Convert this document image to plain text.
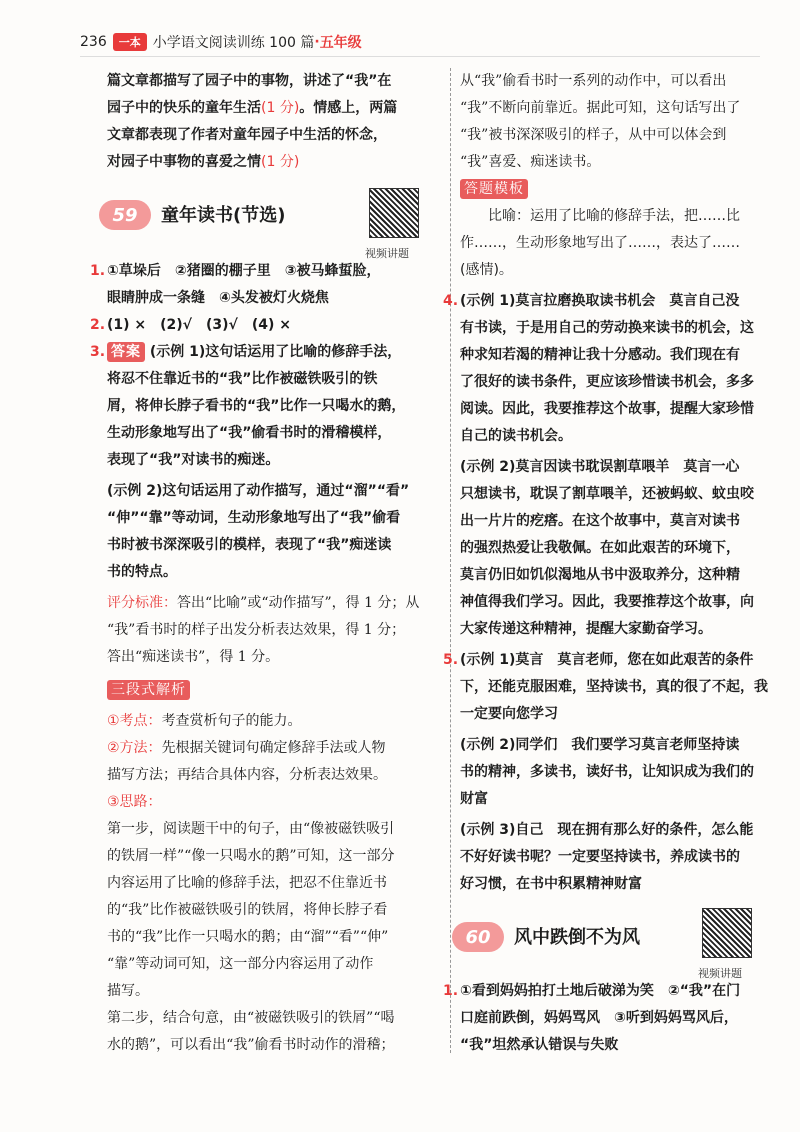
236	一本 小学语文阅读训练 100 篇 · 五年级

篇文章都描写了园子中的事物，讲述了“我”在

园子中的快乐的童年生活(1 分)。情感上，两篇

文章都表现了作者对童年园子中生活的怀念，

对园子中事物的喜爱之情(1 分)

59	童年读书(节选)
视频讲题
1. ①草垛后　②猪圈的棚子里　③被马蜂蜇脸，

眼睛肿成一条缝　④头发被灯火烧焦

2. (1) ×　(2)√　(3)√　(4) ×

3. 答案 (示例 1)这句话运用了比喻的修辞手法，

将忍不住靠近书的“我”比作被磁铁吸引的铁

屑，将伸长脖子看书的“我”比作一只喝水的鹅，

生动形象地写出了“我”偷看书时的滑稽模样，

表现了“我”对读书的痴迷。

(示例 2)这句话运用了动作描写，通过“溜”“看”

“伸”“靠”等动词，生动形象地写出了“我”偷看

书时被书深深吸引的模样，表现了“我”痴迷读

书的特点。

评分标准：答出“比喻”或“动作描写”，得 1 分；从

“我”看书时的样子出发分析表达效果，得 1 分；

答出“痴迷读书”，得 1 分。

三段式解析

①考点：考查赏析句子的能力。

②方法：先根据关键词句确定修辞手法或人物

描写方法；再结合具体内容，分析表达效果。

③思路：

第一步，阅读题干中的句子，由“像被磁铁吸引

的铁屑一样”“像一只喝水的鹅”可知，这一部分

内容运用了比喻的修辞手法，把忍不住靠近书

的“我”比作被磁铁吸引的铁屑，将伸长脖子看

书的“我”比作一只喝水的鹅；由“溜”“看”“伸”

“靠”等动词可知，这一部分内容运用了动作

描写。

第二步，结合句意，由“被磁铁吸引的铁屑”“喝

水的鹅”，可以看出“我”偷看书时动作的滑稽；

从“我”偷看书时一系列的动作中，可以看出

“我”不断向前靠近。据此可知，这句话写出了

“我”被书深深吸引的样子，从中可以体会到

“我”喜爱、痴迷读书。

答题模板

比喻：运用了比喻的修辞手法，把……比

作……，生动形象地写出了……，表达了……

(感情)。

4. (示例 1)莫言拉磨换取读书机会　莫言自己没

有书读，于是用自己的劳动换来读书的机会，这

种求知若渴的精神让我十分感动。我们现在有

了很好的读书条件，更应该珍惜读书机会，多多

阅读。因此，我要推荐这个故事，提醒大家珍惜

自己的读书机会。

(示例 2)莫言因读书耽误割草喂羊　莫言一心

只想读书，耽误了割草喂羊，还被蚂蚁、蚊虫咬

出一片片的疙瘩。在这个故事中，莫言对读书

的强烈热爱让我敬佩。在如此艰苦的环境下，

莫言仍旧如饥似渴地从书中汲取养分，这种精

神值得我们学习。因此，我要推荐这个故事，向

大家传递这种精神，提醒大家勤奋学习。

5. (示例 1)莫言　莫言老师，您在如此艰苦的条件

下，还能克服困难，坚持读书，真的很了不起，我

一定要向您学习

(示例 2)同学们　我们要学习莫言老师坚持读

书的精神，多读书，读好书，让知识成为我们的

财富

(示例 3)自己　现在拥有那么好的条件，怎么能

不好好读书呢？一定要坚持读书，养成读书的

好习惯，在书中积累精神财富

60	风中跌倒不为风
视频讲题
1. ①看到妈妈拍打土地后破涕为笑　②“我”在门

口庭前跌倒，妈妈骂风　③听到妈妈骂风后，

“我”坦然承认错误与失败
